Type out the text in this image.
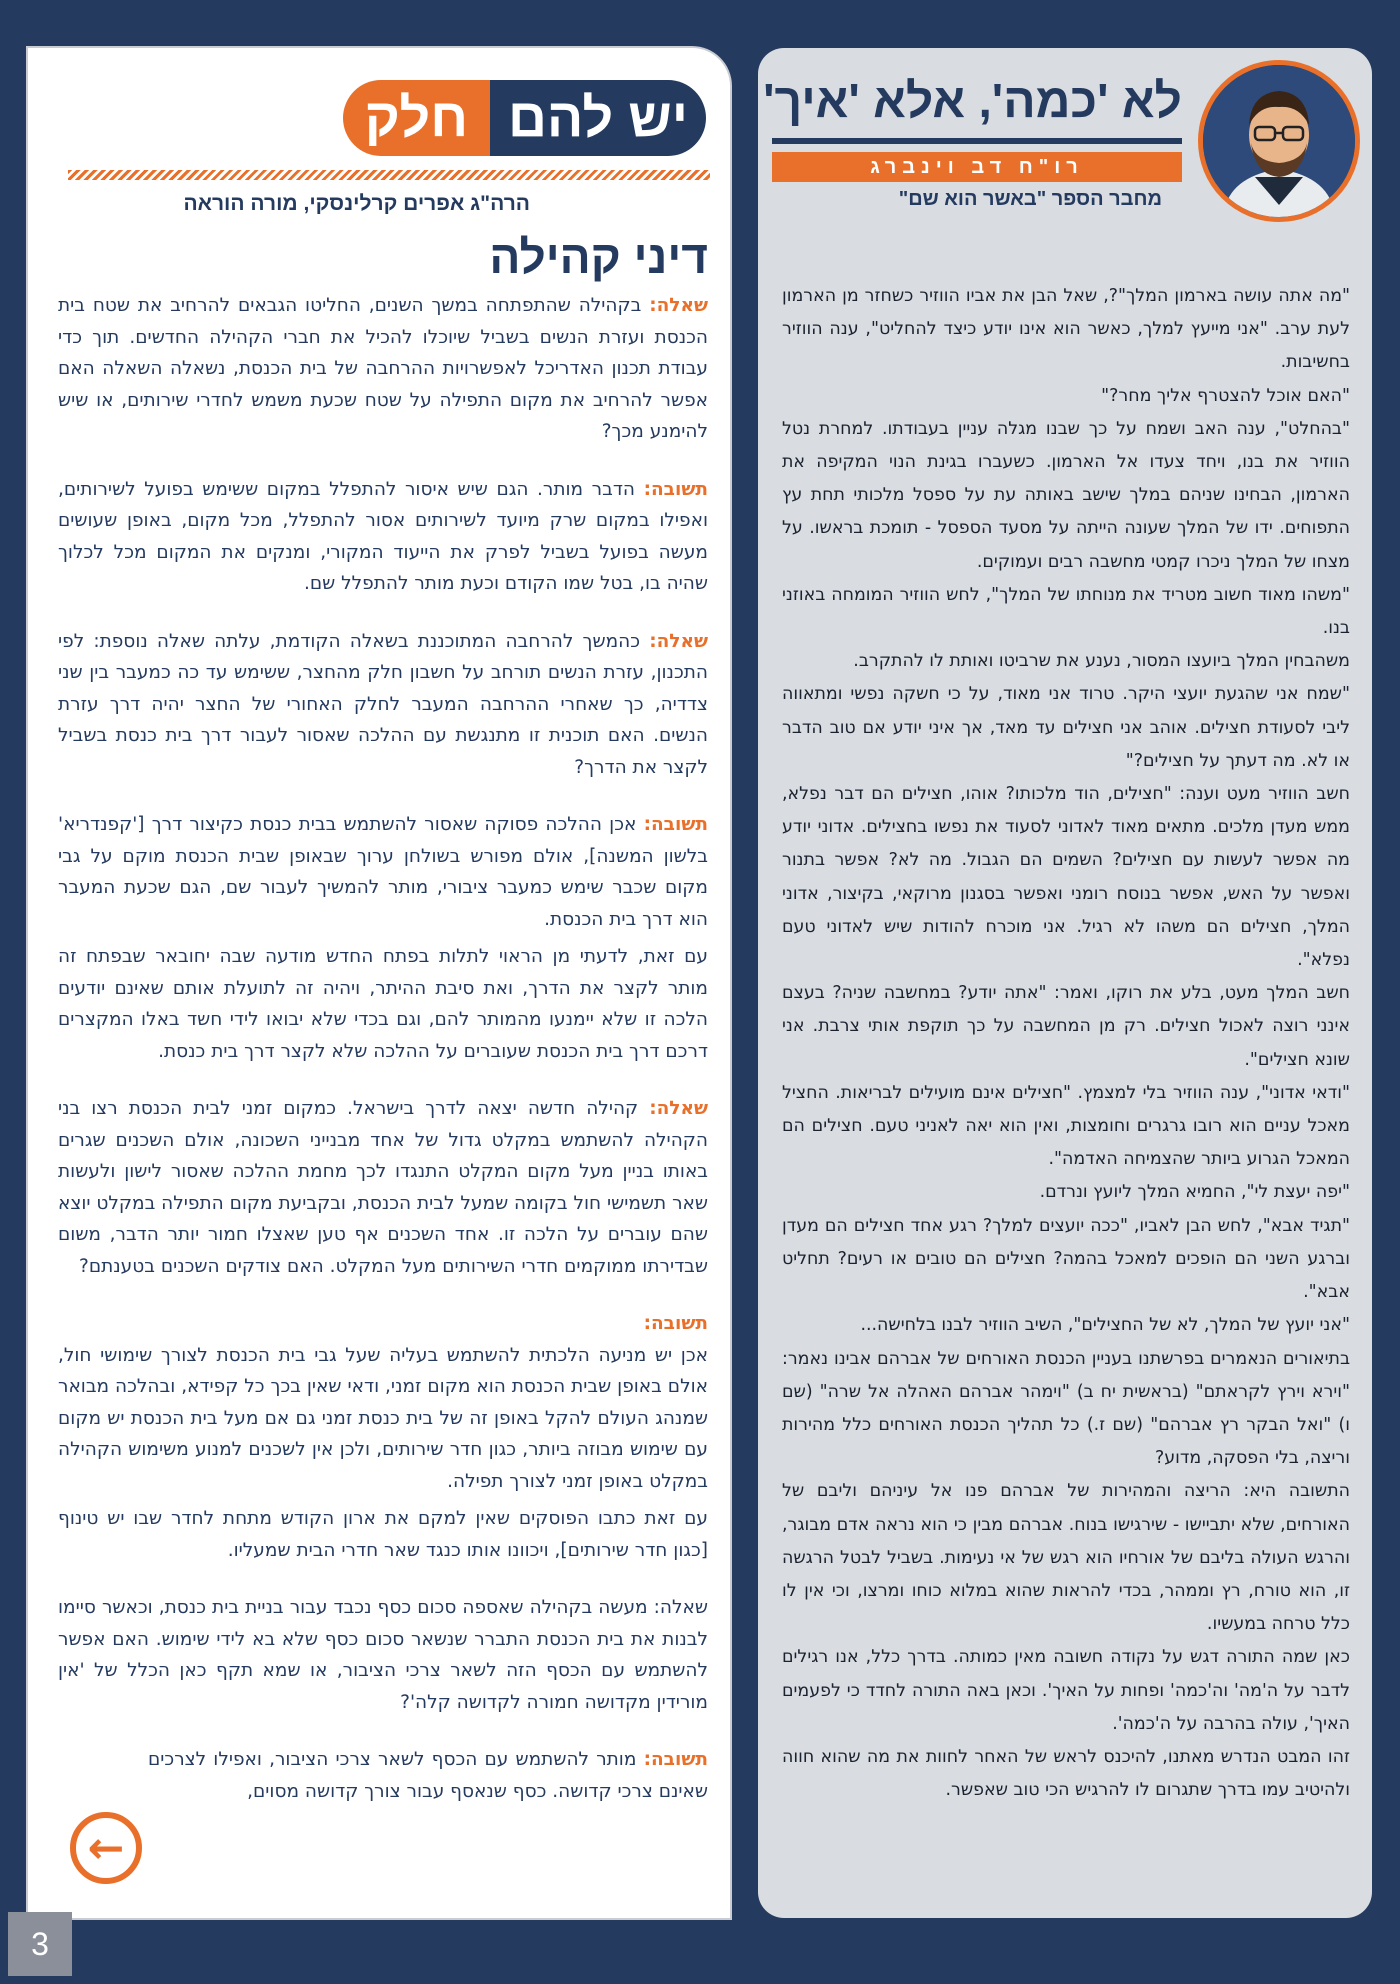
יש להם
חלק
הרה"ג אפרים קרלינסקי, מורה הוראה
דיני קהילה

שאלה: בקהילה שהתפתחה במשך השנים, החליטו הגבאים להרחיב את שטח בית הכנסת ועזרת הנשים בשביל שיוכלו להכיל את חברי הקהילה החדשים. תוך כדי עבודת תכנון האדריכל לאפשרויות ההרחבה של בית הכנסת, נשאלה השאלה האם אפשר להרחיב את מקום התפילה על שטח שכעת משמש לחדרי שירותים, או שיש להימנע מכך?

תשובה: הדבר מותר. הגם שיש איסור להתפלל במקום ששימש בפועל לשירותים, ואפילו במקום שרק מיועד לשירותים אסור להתפלל, מכל מקום, באופן שעושים מעשה בפועל בשביל לפרק את הייעוד המקורי, ומנקים את המקום מכל לכלוך שהיה בו, בטל שמו הקודם וכעת מותר להתפלל שם.

שאלה: כהמשך להרחבה המתוכננת בשאלה הקודמת, עלתה שאלה נוספת: לפי התכנון, עזרת הנשים תורחב על חשבון חלק מהחצר, ששימש עד כה כמעבר בין שני צדדיה, כך שאחרי ההרחבה המעבר לחלק האחורי של החצר יהיה דרך עזרת הנשים. האם תוכנית זו מתנגשת עם ההלכה שאסור לעבור דרך בית כנסת בשביל לקצר את הדרך?

תשובה: אכן ההלכה פסוקה שאסור להשתמש בבית כנסת כקיצור דרך ['קפנדריא' בלשון המשנה], אולם מפורש בשולחן ערוך שבאופן שבית הכנסת מוקם על גבי מקום שכבר שימש כמעבר ציבורי, מותר להמשיך לעבור שם, הגם שכעת המעבר הוא דרך בית הכנסת.

עם זאת, לדעתי מן הראוי לתלות בפתח החדש מודעה שבה יחובאר שבפתח זה מותר לקצר את הדרך, ואת סיבת ההיתר, ויהיה זה לתועלת אותם שאינם יודעים הלכה זו שלא יימנעו מהמותר להם, וגם בכדי שלא יבואו לידי חשד באלו המקצרים דרכם דרך בית הכנסת שעוברים על ההלכה שלא לקצר דרך בית כנסת.

שאלה: קהילה חדשה יצאה לדרך בישראל. כמקום זמני לבית הכנסת רצו בני הקהילה להשתמש במקלט גדול של אחד מבנייני השכונה, אולם השכנים שגרים באותו בניין מעל מקום המקלט התנגדו לכך מחמת ההלכה שאסור לישון ולעשות שאר תשמישי חול בקומה שמעל לבית הכנסת, ובקביעת מקום התפילה במקלט יוצא שהם עוברים על הלכה זו. אחד השכנים אף טען שאצלו חמור יותר הדבר, משום שבדירתו ממוקמים חדרי השירותים מעל המקלט. האם צודקים השכנים בטענתם?

תשובה:

אכן יש מניעה הלכתית להשתמש בעליה שעל גבי בית הכנסת לצורך שימושי חול, אולם באופן שבית הכנסת הוא מקום זמני, ודאי שאין בכך כל קפידא, ובהלכה מבואר שמנהג העולם להקל באופן זה של בית כנסת זמני גם אם מעל בית הכנסת יש מקום עם שימוש מבוזה ביותר, כגון חדר שירותים, ולכן אין לשכנים למנוע משימוש הקהילה במקלט באופן זמני לצורך תפילה.

עם זאת כתבו הפוסקים שאין למקם את ארון הקודש מתחת לחדר שבו יש טינוף [כגון חדר שירותים], ויכוונו אותו כנגד שאר חדרי הבית שמעליו.

שאלה: מעשה בקהילה שאספה סכום כסף נכבד עבור בניית בית כנסת, וכאשר סיימו לבנות את בית הכנסת התברר שנשאר סכום כסף שלא בא לידי שימוש. האם אפשר להשתמש עם הכסף הזה לשאר צרכי הציבור, או שמא תקף כאן הכלל של 'אין מורידין מקדושה חמורה לקדושה קלה'?

תשובה: מותר להשתמש עם הכסף לשאר צרכי הציבור, ואפילו לצרכים שאינם צרכי קדושה. כסף שנאסף עבור צורך קדושה מסוים,

←
לא 'כמה', אלא 'איך'
רו"ח דב וינברג
מחבר הספר "באשר הוא שם"

"מה אתה עושה בארמון המלך"?, שאל הבן את אביו הווזיר כשחזר מן הארמון לעת ערב. "אני מייעץ למלך, כאשר הוא אינו יודע כיצד להחליט", ענה הווזיר בחשיבות.

"האם אוכל להצטרף אליך מחר?"

"בהחלט", ענה האב ושמח על כך שבנו מגלה עניין בעבודתו. למחרת נטל הווזיר את בנו, ויחד צעדו אל הארמון. כשעברו בגינת הנוי המקיפה את הארמון, הבחינו שניהם במלך שישב באותה עת על ספסל מלכותי תחת עץ התפוחים. ידו של המלך שעונה הייתה על מסעד הספסל - תומכת בראשו. על מצחו של המלך ניכרו קמטי מחשבה רבים ועמוקים.

"משהו מאוד חשוב מטריד את מנוחתו של המלך", לחש הווזיר המומחה באוזני בנו.

משהבחין המלך ביועצו המסור, נענע את שרביטו ואותת לו להתקרב.

"שמח אני שהגעת יועצי היקר. טרוד אני מאוד, על כי חשקה נפשי ומתאווה ליבי לסעודת חצילים. אוהב אני חצילים עד מאד, אך איני יודע אם טוב הדבר או לא. מה דעתך על חצילים?"

חשב הווזיר מעט וענה: "חצילים, הוד מלכותו? אוהו, חצילים הם דבר נפלא, ממש מעדן מלכים. מתאים מאוד לאדוני לסעוד את נפשו בחצילים. אדוני יודע מה אפשר לעשות עם חצילים? השמים הם הגבול. מה לא? אפשר בתנור ואפשר על האש, אפשר בנוסח רומני ואפשר בסגנון מרוקאי, בקיצור, אדוני המלך, חצילים הם משהו לא רגיל. אני מוכרח להודות שיש לאדוני טעם נפלא".

חשב המלך מעט, בלע את רוקו, ואמר: "אתה יודע? במחשבה שניה? בעצם אינני רוצה לאכול חצילים. רק מן המחשבה על כך תוקפת אותי צרבת. אני שונא חצילים".

"ודאי אדוני", ענה הווזיר בלי למצמץ. "חצילים אינם מועילים לבריאות. החציל מאכל עניים הוא רובו גרגרים וחומצות, ואין הוא יאה לאניני טעם. חצילים הם המאכל הגרוע ביותר שהצמיחה האדמה".

"יפה יעצת לי", החמיא המלך ליועץ ונרדם.

"תגיד אבא", לחש הבן לאביו, "ככה יועצים למלך? רגע אחד חצילים הם מעדן וברגע השני הם הופכים למאכל בהמה? חצילים הם טובים או רעים? תחליט אבא".

"אני יועץ של המלך, לא של החצילים", השיב הווזיר לבנו בלחישה...

בתיאורים הנאמרים בפרשתנו בעניין הכנסת האורחים של אברהם אבינו נאמר: "וירא וירץ לקראתם" (בראשית יח ב) "וימהר אברהם האהלה אל שרה" (שם ו) "ואל הבקר רץ אברהם" (שם ז.) כל תהליך הכנסת האורחים כלל מהירות וריצה, בלי הפסקה, מדוע?

התשובה היא: הריצה והמהירות של אברהם פנו אל עיניהם וליבם של האורחים, שלא יתביישו - שירגישו בנוח. אברהם מבין כי הוא נראה אדם מבוגר, והרגש העולה בליבם של אורחיו הוא רגש של אי נעימות. בשביל לבטל הרגשה זו, הוא טורח, רץ וממהר, בכדי להראות שהוא במלוא כוחו ומרצו, וכי אין לו כלל טרחה במעשיו.

כאן שמה התורה דגש על נקודה חשובה מאין כמותה. בדרך כלל, אנו רגילים לדבר על ה'מה' וה'כמה' ופחות על האיך'. וכאן באה התורה לחדד כי לפעמים האיך', עולה בהרבה על ה'כמה'.

זהו המבט הנדרש מאתנו, להיכנס לראש של האחר לחוות את מה שהוא חווה ולהיטיב עמו בדרך שתגרום לו להרגיש הכי טוב שאפשר.

3
